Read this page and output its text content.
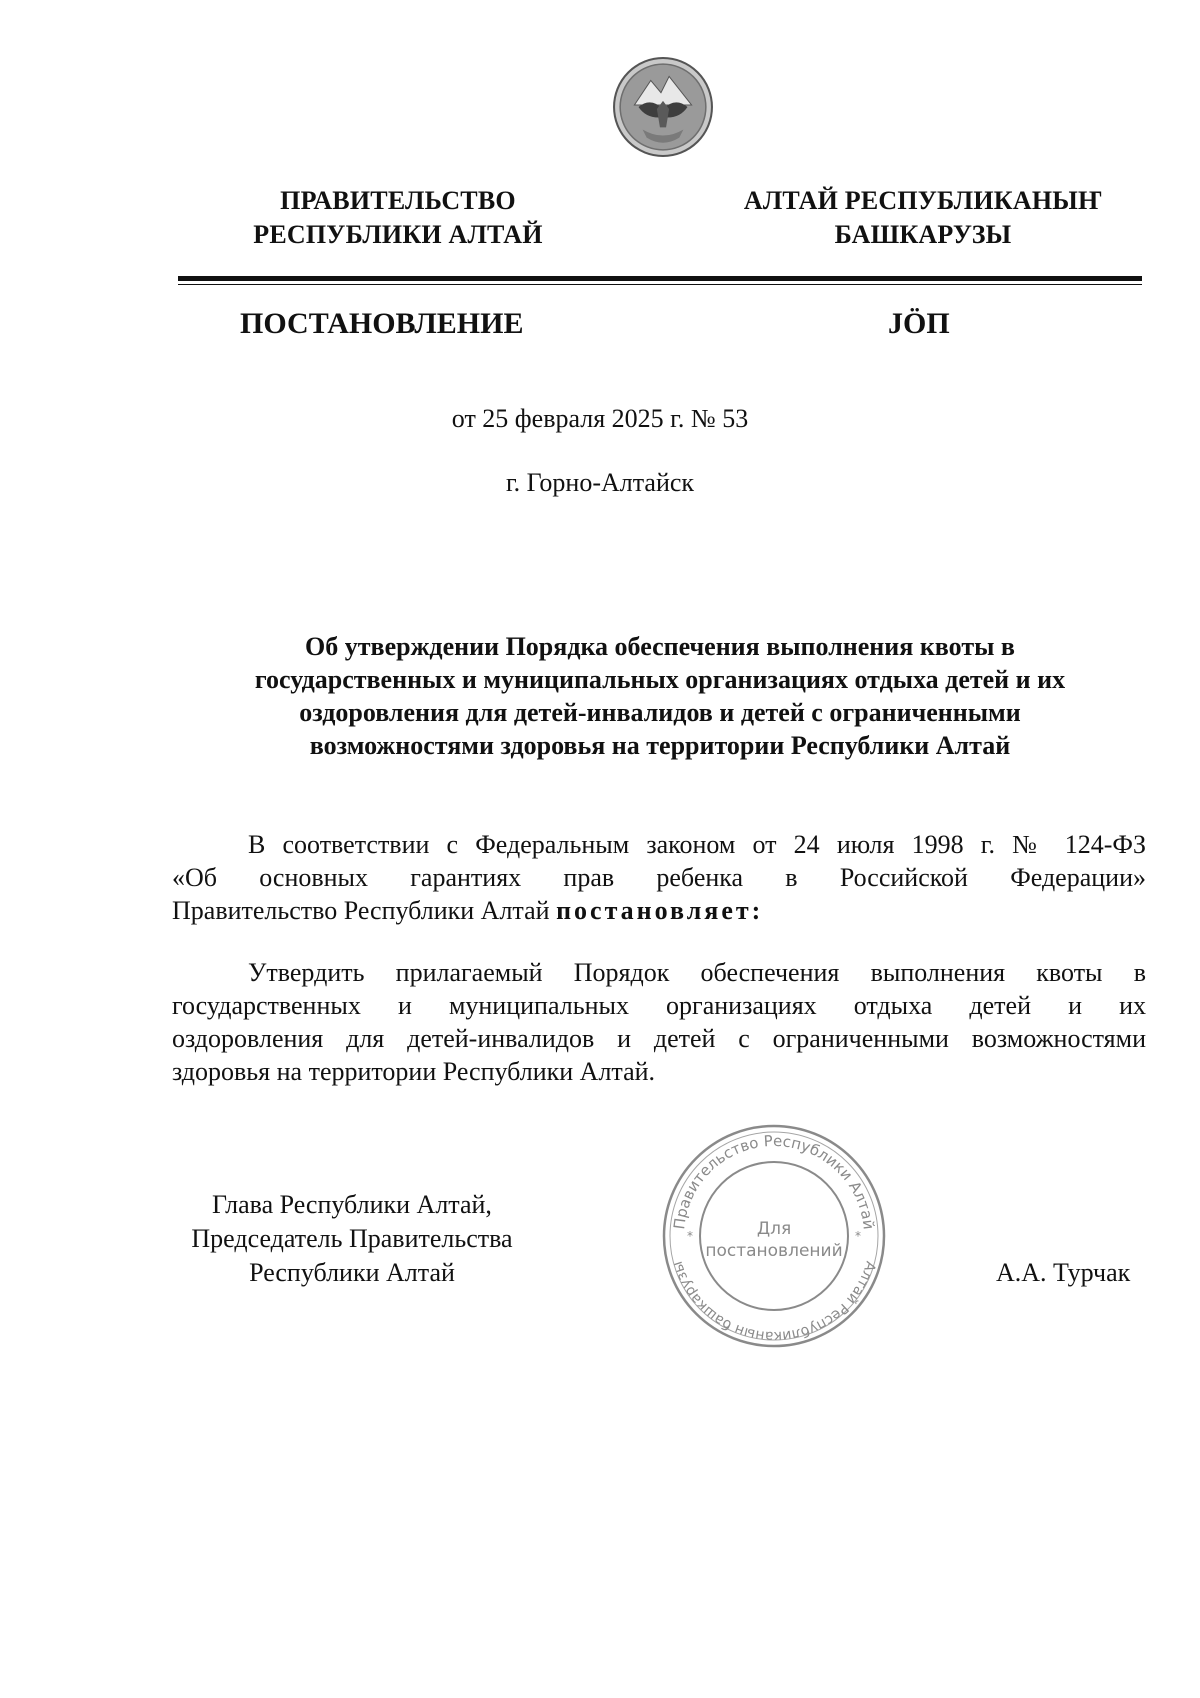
ПРАВИТЕЛЬСТВО
РЕСПУБЛИКИ АЛТАЙ
АЛТАЙ РЕСПУБЛИКАНЫҤ
БАШКАРУЗЫ
ПОСТАНОВЛЕНИЕ	JӦП
от 25 февраля 2025 г. № 53
г. Горно-Алтайск
Об утверждении Порядка обеспечения выполнения квоты в
государственных и муниципальных организациях отдыха детей и их
оздоровления для детей-инвалидов и детей с ограниченными
возможностями здоровья на территории Республики Алтай
В соответствии с Федеральным законом от 24 июля 1998 г. № 124-ФЗ
«Об основных гарантиях прав ребенка в Российской Федерации»
Правительство Республики Алтай постановляет:
Утвердить прилагаемый Порядок обеспечения выполнения квоты в
государственных и муниципальных организациях отдыха детей и их
оздоровления для детей-инвалидов и детей с ограниченными возможностями
здоровья на территории Республики Алтай.
Глава Республики Алтай,
Председатель Правительства
Республики Алтай
Правительство Республики Алтай
Алтай Республиканын башкарузы
Для
постановлений
*	*
А.А. Турчак
